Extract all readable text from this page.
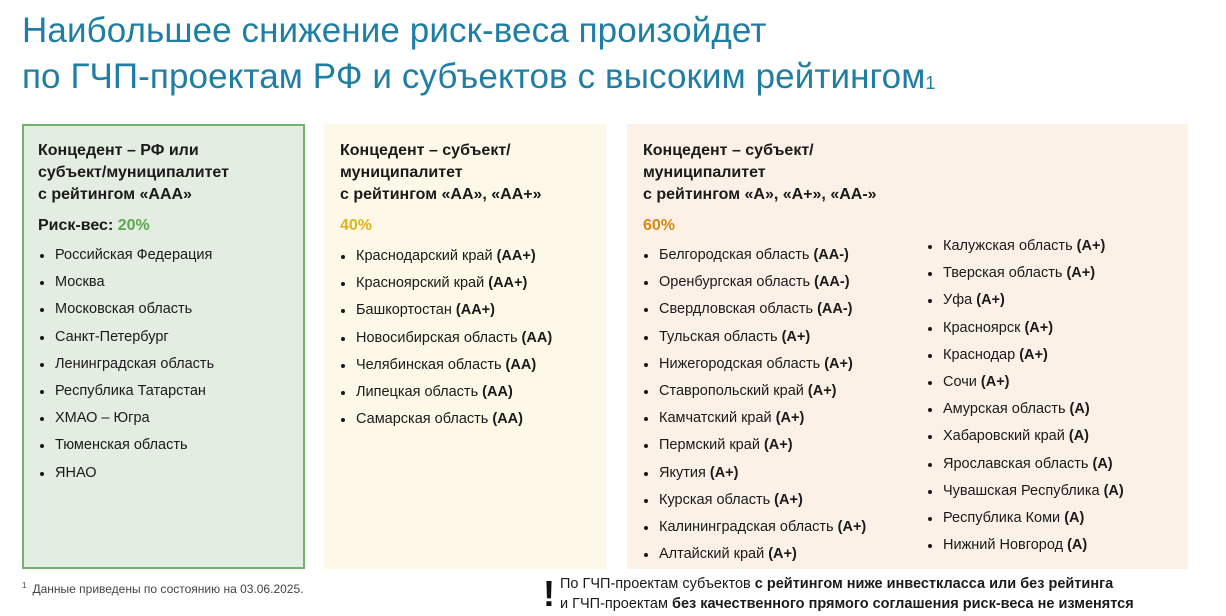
Наибольшее снижение риск-веса произойдет
по ГЧП-проектам РФ и субъектов с высоким рейтингом$^1$
Концедент – РФ или
субъект/муниципалитет
с рейтингом «ААА»
Риск-вес: 20%
Российская Федерация
Москва
Московская область
Санкт-Петербург
Ленинградская область
Республика Татарстан
ХМАО – Югра
Тюменская область
ЯНАО
Концедент – субъект/
муниципалитет
с рейтингом «АА», «АА+»
40%
Краснодарский край (АА+)
Красноярский край (АА+)
Башкортостан (АА+)
Новосибирская область (АА)
Челябинская область (АА)
Липецкая область (АА)
Самарская область (АА)
Концедент – субъект/
муниципалитет
с рейтингом «А», «А+», «АА-»
60%
Белгородская область (АА-)
Оренбургская область (АА-)
Свердловская область (АА-)
Тульская область (А+)
Нижегородская область (А+)
Ставропольский край (А+)
Камчатский край (А+)
Пермский край (А+)
Якутия (А+)
Курская область (А+)
Калининградская область (А+)
Алтайский край (А+)
Калужская область (А+)
Тверская область (А+)
Уфа (А+)
Красноярск (А+)
Краснодар (А+)
Сочи (А+)
Амурская область (А)
Хабаровский край (А)
Ярославская область (А)
Чувашская Республика (А)
Республика Коми (А)
Нижний Новгород (А)
$^1$ Данные приведены по состоянию на 03.06.2025.	! По ГЧП-проектам субъектов с рейтингом ниже инвесткласса или без рейтинга
и ГЧП-проектам без качественного прямого соглашения риск-веса не изменятся
